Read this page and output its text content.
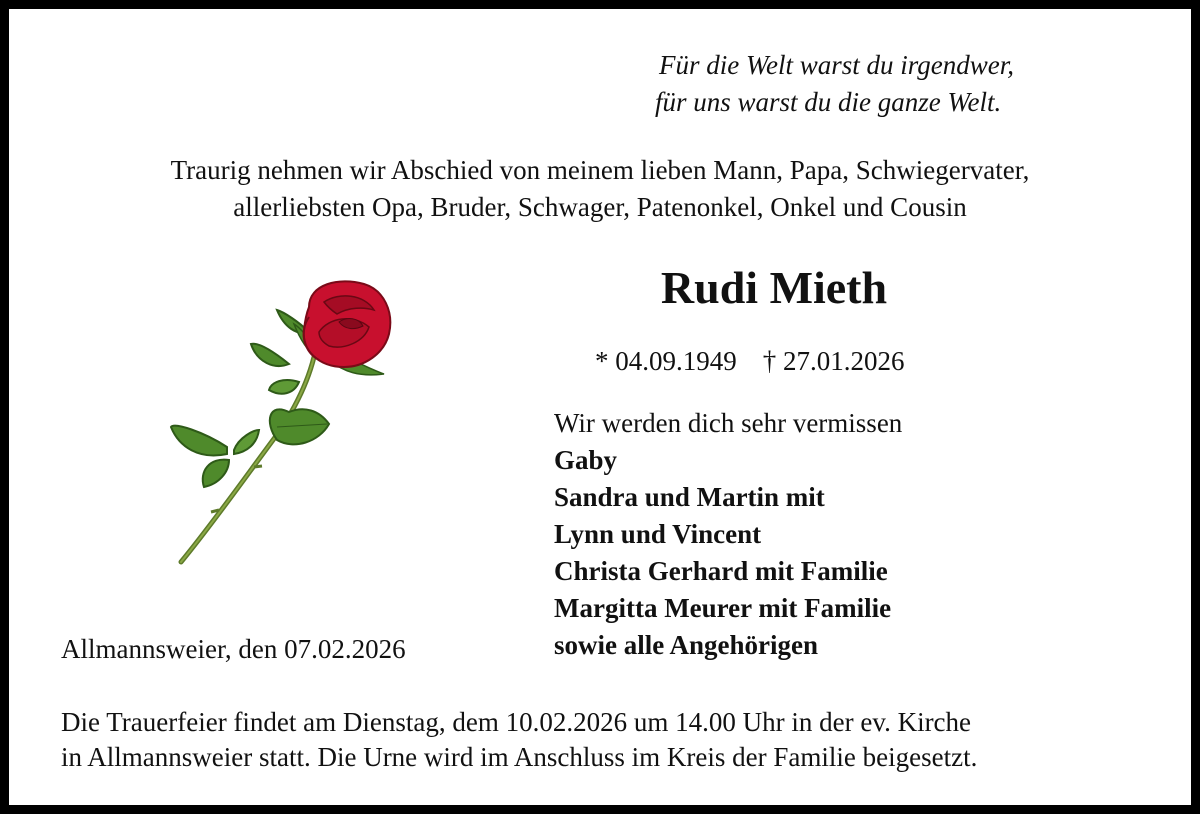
Für die Welt warst du irgendwer,
für uns warst du die ganze Welt.
Traurig nehmen wir Abschied von meinem lieben Mann, Papa, Schwiegervater,
allerliebsten Opa, Bruder, Schwager, Patenonkel, Onkel und Cousin
Rudi Mieth
* 04.09.1949 † 27.01.2026
Wir werden dich sehr vermissen
Gaby
Sandra und Martin mit
Lynn und Vincent
Christa Gerhard mit Familie
Margitta Meurer mit Familie
sowie alle Angehörigen
Allmannsweier, den 07.02.2026
Die Trauerfeier findet am Dienstag, dem 10.02.2026 um 14.00 Uhr in der ev. Kirche
in Allmannsweier statt. Die Urne wird im Anschluss im Kreis der Familie beigesetzt.
